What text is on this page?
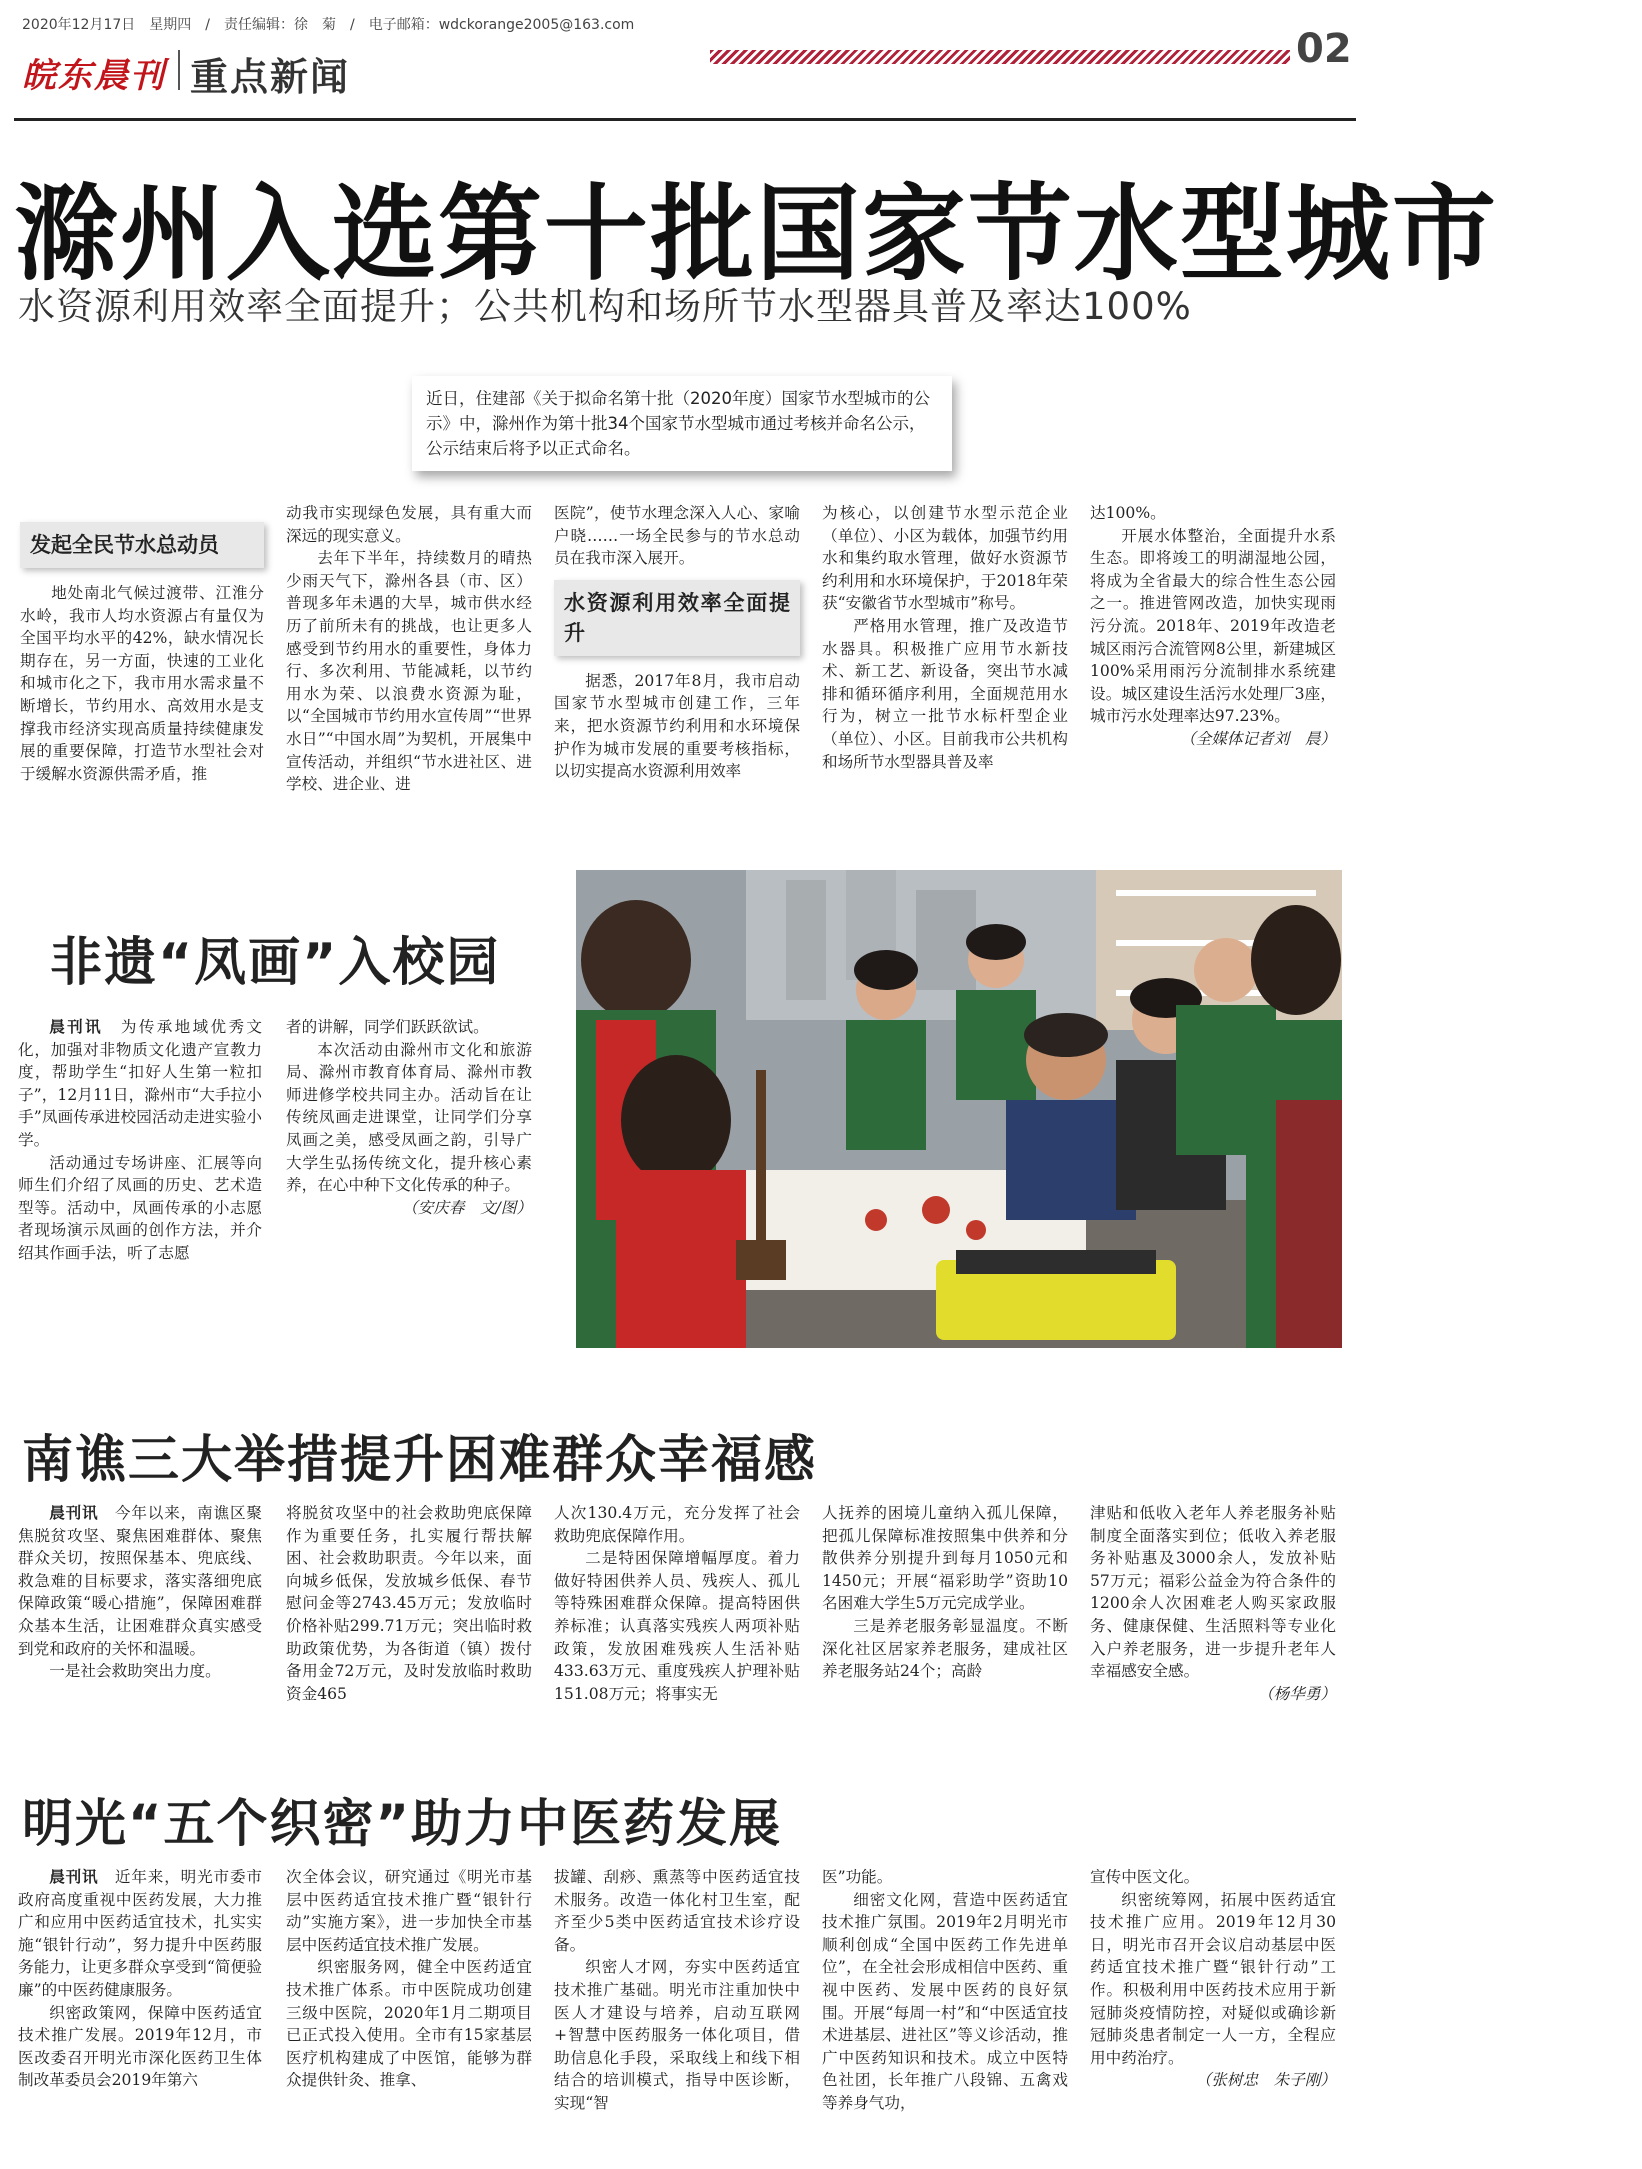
2020年12月17日　星期四　/　责任编辑：徐　菊　/　电子邮箱：wdckorange2005@163.com
皖东晨刊 重点新闻
02
滁州入选第十批国家节水型城市
水资源利用效率全面提升；公共机构和场所节水型器具普及率达100%
近日，住建部《关于拟命名第十批（2020年度）国家节水型城市的公示》中，滁州作为第十批34个国家节水型城市通过考核并命名公示，公示结束后将予以正式命名。
发起全民节水总动员

地处南北气候过渡带、江淮分水岭，我市人均水资源占有量仅为全国平均水平的42%，缺水情况长期存在，另一方面，快速的工业化和城市化之下，我市用水需求量不断增长，节约用水、高效用水是支撑我市经济实现高质量持续健康发展的重要保障，打造节水型社会对于缓解水资源供需矛盾，推

动我市实现绿色发展，具有重大而深远的现实意义。

去年下半年，持续数月的晴热少雨天气下，滁州各县（市、区）普现多年未遇的大旱，城市供水经历了前所未有的挑战，也让更多人感受到节约用水的重要性，身体力行、多次利用、节能减耗，以节约用水为荣、以浪费水资源为耻，以“全国城市节约用水宣传周”“世界水日”“中国水周”为契机，开展集中宣传活动，并组织“节水进社区、进学校、进企业、进

医院”，使节水理念深入人心、家喻户晓……一场全民参与的节水总动员在我市深入展开。

水资源利用效率全面提升

据悉，2017年8月，我市启动国家节水型城市创建工作，三年来，把水资源节约利用和水环境保护作为城市发展的重要考核指标，以切实提高水资源利用效率

为核心，以创建节水型示范企业（单位）、小区为载体，加强节约用水和集约取水管理，做好水资源节约利用和水环境保护，于2018年荣获“安徽省节水型城市”称号。

严格用水管理，推广及改造节水器具。积极推广应用节水新技术、新工艺、新设备，突出节水减排和循环循序利用，全面规范用水行为，树立一批节水标杆型企业（单位）、小区。目前我市公共机构和场所节水型器具普及率

达100%。

开展水体整治，全面提升水系生态。即将竣工的明湖湿地公园，将成为全省最大的综合性生态公园之一。推进管网改造，加快实现雨污分流。2018年、2019年改造老城区雨污合流管网8公里，新建城区100%采用雨污分流制排水系统建设。城区建设生活污水处理厂3座，城市污水处理率达97.23%。

（全媒体记者刘　晨）

非遗“凤画”入校园

晨刊讯　 为传承地域优秀文化，加强对非物质文化遗产宣教力度，帮助学生“扣好人生第一粒扣子”，12月11日，滁州市“大手拉小手”凤画传承进校园活动走进实验小学。

活动通过专场讲座、汇展等向师生们介绍了凤画的历史、艺术造型等。活动中，凤画传承的小志愿者现场演示凤画的创作方法，并介绍其作画手法，听了志愿

者的讲解，同学们跃跃欲试。

本次活动由滁州市文化和旅游局、滁州市教育体育局、滁州市教师进修学校共同主办。活动旨在让传统凤画走进课堂，让同学们分享凤画之美，感受凤画之韵，引导广大学生弘扬传统文化，提升核心素养，在心中种下文化传承的种子。

（安庆春　文/图）

南谯三大举措提升困难群众幸福感

晨刊讯　 今年以来，南谯区聚焦脱贫攻坚、聚焦困难群体、聚焦群众关切，按照保基本、兜底线、救急难的目标要求，落实落细兜底保障政策“暖心措施”，保障困难群众基本生活，让困难群众真实感受到党和政府的关怀和温暖。

一是社会救助突出力度。

将脱贫攻坚中的社会救助兜底保障作为重要任务，扎实履行帮扶解困、社会救助职责。今年以来，面向城乡低保，发放城乡低保、春节慰问金等2743.45万元；发放临时价格补贴299.71万元；突出临时救助政策优势，为各街道（镇）拨付备用金72万元，及时发放临时救助资金465

人次130.4万元，充分发挥了社会救助兜底保障作用。

二是特困保障增幅厚度。着力做好特困供养人员、残疾人、孤儿等特殊困难群众保障。提高特困供养标准；认真落实残疾人两项补贴政策，发放困难残疾人生活补贴433.63万元、重度残疾人护理补贴151.08万元；将事实无

人抚养的困境儿童纳入孤儿保障，把孤儿保障标准按照集中供养和分散供养分别提升到每月1050元和1450元；开展“福彩助学”资助10名困难大学生5万元完成学业。

三是养老服务彰显温度。不断深化社区居家养老服务，建成社区养老服务站24个；高龄

津贴和低收入老年人养老服务补贴制度全面落实到位；低收入养老服务补贴惠及3000余人，发放补贴57万元；福彩公益金为符合条件的1200余人次困难老人购买家政服务、健康保健、生活照料等专业化入户养老服务，进一步提升老年人幸福感安全感。

（杨华勇）

明光“五个织密”助力中医药发展

晨刊讯　 近年来，明光市委市政府高度重视中医药发展，大力推广和应用中医药适宜技术，扎实实施“银针行动”，努力提升中医药服务能力，让更多群众享受到“简便验廉”的中医药健康服务。

织密政策网，保障中医药适宜技术推广发展。2019年12月，市医改委召开明光市深化医药卫生体制改革委员会2019年第六

次全体会议，研究通过《明光市基层中医药适宜技术推广暨“银针行动”实施方案》，进一步加快全市基层中医药适宜技术推广发展。

织密服务网，健全中医药适宜技术推广体系。市中医院成功创建三级中医院，2020年1月二期项目已正式投入使用。全市有15家基层医疗机构建成了中医馆，能够为群众提供针灸、推拿、

拔罐、刮痧、熏蒸等中医药适宜技术服务。改造一体化村卫生室，配齐至少5类中医药适宜技术诊疗设备。

织密人才网，夯实中医药适宜技术推广基础。明光市注重加快中医人才建设与培养，启动互联网+智慧中医药服务一体化项目，借助信息化手段，采取线上和线下相结合的培训模式，指导中医诊断，实现“智

医”功能。

细密文化网，营造中医药适宜技术推广氛围。2019年2月明光市顺利创成“全国中医药工作先进单位”，在全社会形成相信中医药、重视中医药、发展中医药的良好氛围。开展“每周一村”和“中医适宜技术进基层、进社区”等义诊活动，推广中医药知识和技术。成立中医特色社团，长年推广八段锦、五禽戏等养身气功，

宣传中医文化。

织密统筹网，拓展中医药适宜技术推广应用。2019年12月30日，明光市召开会议启动基层中医药适宜技术推广暨“银针行动”工作。积极利用中医药技术应用于新冠肺炎疫情防控，对疑似或确诊新冠肺炎患者制定一人一方，全程应用中药治疗。

（张树忠　朱子刚）
